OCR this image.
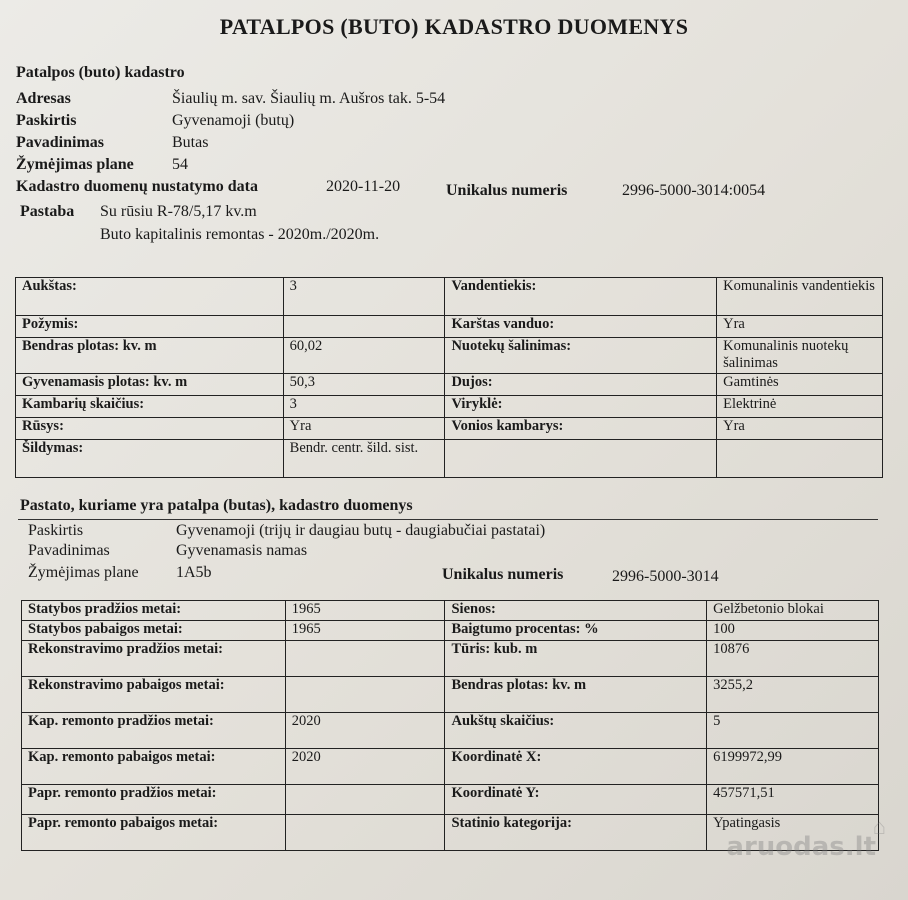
PATALPOS (BUTO) KADASTRO DUOMENYS
Patalpos (buto) kadastro
Adresas	Šiaulių m. sav. Šiaulių m. Aušros tak. 5-54
Paskirtis	Gyvenamoji (butų)
Pavadinimas	Butas
Žymėjimas plane 54
Kadastro duomenų nustatymo data	2020-11-20	Unikalus numeris	2996-5000-3014:0054
Pastaba Su rūsiu R-78/5,17 kv.m
Buto kapitalinis remontas - 2020m./2020m.
Aukštas:	3	Vandentiekis:	Komunalinis vandentiekis
Požymis:		Karštas vanduo:	Yra
Bendras plotas: kv. m	60,02	Nuotekų šalinimas:	Komunalinis nuotekų šalinimas
Gyvenamasis plotas: kv. m	50,3	Dujos:	Gamtinės
Kambarių skaičius:	3	Viryklė:	Elektrinė
Rūsys:	Yra	Vonios kambarys:	Yra
Šildymas:	Bendr. centr. šild. sist.		
Pastato, kuriame yra patalpa (butas), kadastro duomenys
Paskirtis	Gyvenamoji (trijų ir daugiau butų - daugiabučiai pastatai)
Pavadinimas	Gyvenamasis namas
Žymėjimas plane 1A5b	Unikalus numeris	2996-5000-3014
Statybos pradžios metai:	1965	Sienos:	Gelžbetonio blokai
Statybos pabaigos metai:	1965	Baigtumo procentas: %	100
Rekonstravimo pradžios metai:		Tūris: kub. m	10876
Rekonstravimo pabaigos metai:		Bendras plotas: kv. m	3255,2
Kap. remonto pradžios metai:	2020	Aukštų skaičius:	5
Kap. remonto pabaigos metai:	2020	Koordinatė X:	6199972,99
Papr. remonto pradžios metai:		Koordinatė Y:	457571,51
Papr. remonto pabaigos metai:		Statinio kategorija:	Ypatingasis	⌂
aruodas.lt
